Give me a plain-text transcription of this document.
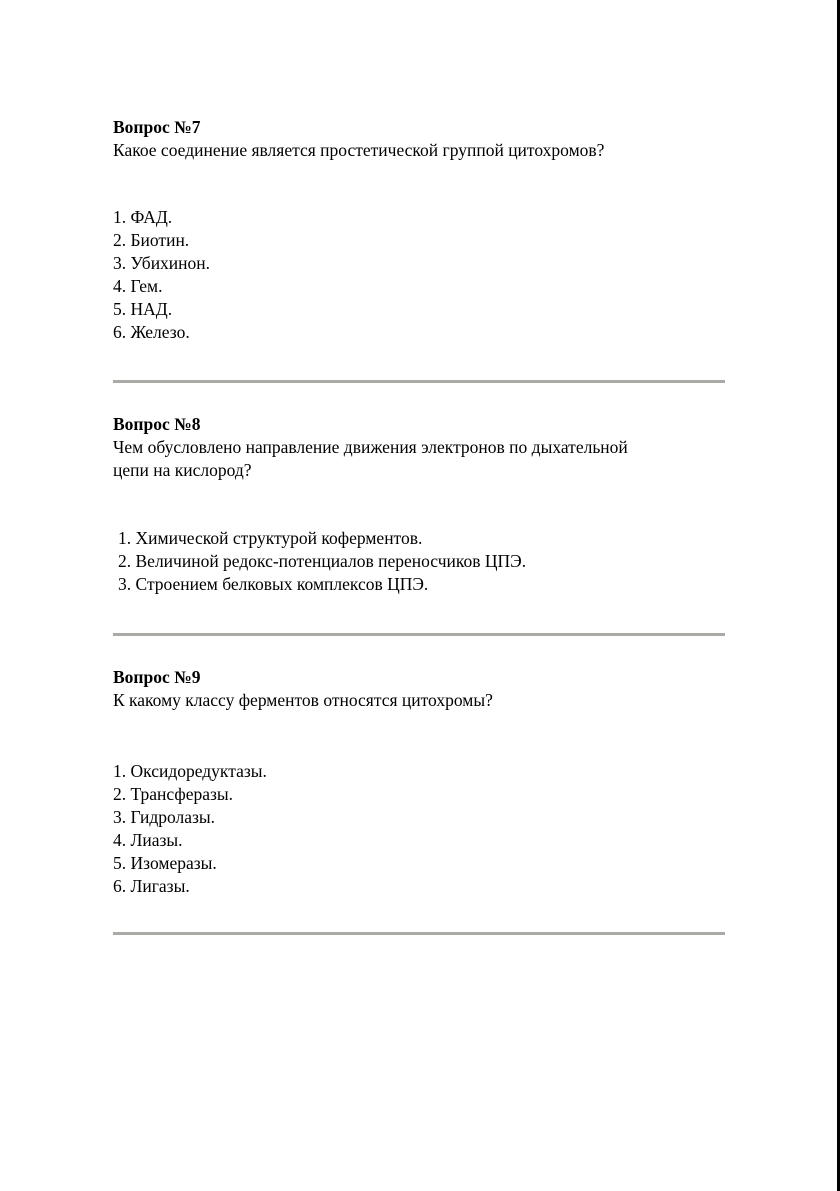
Вопрос №7

Какое соединение является простетической группой цитохромов?

1. ФАД.
2. Биотин.
3. Убихинон.
4. Гем.
5. НАД.
6. Железо.

Вопрос №8

Чем обусловлено направление движения электронов по дыхательной

цепи на кислород?

1. Химической структурой коферментов.
2. Величиной редокс-потенциалов переносчиков ЦПЭ.
3. Строением белковых комплексов ЦПЭ.

Вопрос №9

К какому классу ферментов относятся цитохромы?

1. Оксидоредуктазы.
2. Трансферазы.
3. Гидролазы.
4. Лиазы.
5. Изомеразы.
6. Лигазы.
